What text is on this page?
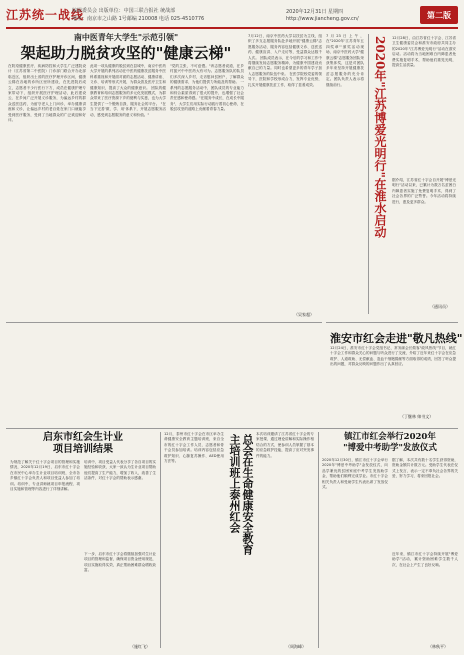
江苏统一战线
编辑委员会 出版单位：中国三联合报社 统战部
地址：南京市之山路 1号邮编 210008 电话 025-4510776
2020年12月31日 星期四
http://www.jiancheng.gov.cn/	第二版
南中医青年大学生"示范引领"
架起助力脱贫攻坚的"健康云梯"
在防疫健康医疗、疾病防控和大学生广泛建院设计（江苏省第二中医院）门诊部门联合开办北部临近区，组织出土省的医疗护理开诊区间，健康云梯在各地的诊所区里所建设，在先进院后成立，志愿者不少行医行下方，成员在健康护理专家带动下，组织开展医疗护理活动，此后建设云、在乡间广泛开展义诊服务，为偏远乡村的群众送医送药，为留守老人上门问诊，举办健康讲座和义诊，让偏远乡村的老百姓在家门口就能享受到医疗服务，受到了当地群众的广泛欢迎和好评。
此项一项从健康的脱贫到在县城中，南京中医药大学开展的系列活动在中医药健康扶贫服务中医科系重视和开展面对面的志愿活动、健康讲座、义诊、培训等形式开展，为群众普及医疗卫生和健康知识，提高了大众的健康意识。 团队的健康教育和培训志愿服务的多元化发展模式，为群众带来了医疗资源下乡的便利与实惠，也为大学生提供了一个锻炼自我、服务社会的平台。 "在当下完善'做、学、用'体系下，开展志愿服务活动，感受到志愿服务的意义和价值。"
"党的主张，不可怠慢。"该志愿者说道，在乡村振兴中中医药大有可为。志愿服务队的队员们多次深入乡村，走访慰问贫困户，了解群众的健康需求，为他们提供力所能及的帮助。 一系列的志愿服务活动中，团队成员的专业能力和综合素质得到了很大的提升，也增强了社会责任感和使命感。"在服务中成长，在成长中服务"，大学生们用实际行动践行着初心使命，在脱贫攻坚的道路上贡献着青春力量。
7月12日，南京中医药大学以扶贫为主线，组织了多支志愿服务队赴多地开展"健康云梯"志愿服务活动，服务内容包括健康义诊、送医送药、健康宣讲、入户走访等，受益群众达数千人次。 团队成员表示，在今后的学习和工作中将继续发扬志愿服务精神，为健康中国建设贡献自己的力量。同时也希望更多的青年学子加入志愿服务的队伍中来。 在医学院校党委的领导下，医院和学校形成合力，发挥专业优势，扎实开展健康扶贫工作，取得了显著成效。
7月23日上午，在"2020年'江苏青年五四奖章'"颁奖活动现场，南京中医药大学"健康云梯"志愿服务团队荣获集体奖，这是对团队多年来坚持开展健康扶贫志愿服务的充分肯定。团队负责人表示将继续前行。
（吴家超）
2020年"江苏博爱光明行"在淮水启动	12月28日，由江苏省红十字会、江苏省卫生健康委员会和淮安市政府共同主办的2020年"江苏博爱光明行"活动在淮安启动。活动将为当地困难白内障患者免费实施复明手术，帮助他们重见光明，提高生活质量。
据介绍，江苏省红十字会自开展"博爱光明行"活动以来，已累计为数万名贫困白内障患者实施了免费复明手术，得到了社会各界的广泛赞誉。今年活动将持续进行，惠及更多群众。
（通讯员）
淮安市红会走进"敬凡热线"
12月24日，淮安市红十字会党组书记、常务副会长做客"政风热线"节目，就红十字会工作和群众关心的问题与听众进行了交流，介绍了近年来红十字会在应急救护、人道救助、无偿献血、造血干细胞捐献等方面取得的成绩，回答了听众提出的问题，对群众反映的问题作出了认真回应。
（丁继林 帅书文）
启东市红会生计业
项目培训结果
为规范了解关于红十字会项目的管理和实施情况，2020年12月19日，启东市红十字会在市民中心举办生计业项目培训班，全市各乡镇红十字会负责人和项目受益人参加了培训。培训中，专业讲师就项目申报流程、项目实施和管理等内容进行了详细讲解。
培训中，项目受益人代表分享了各自项目的实施经验和收获，大家一致认为生计业项目帮助他们提高了生产能力，增加了收入，改善了生活条件，对红十字会的帮助表示感谢。
下一步，启东市红十字会将继续加强对生计业项目的管理和监督，确保项目资金使用规范，项目实施取得实效，真正帮助困难群众增收致富。
（施红飞）
12月，泰州市红十字会在市区举办生命健康安全教育主题培训班，来自全市的红十字会工作人员、志愿者和骨干会员参加培训。培训内容包括应急救护知识、心肺复苏操作、AED使用方法等。	总会在生命健康安全教育
主培训班上泰州红会	本次培训邀请了江苏省红十字会的专家授课，通过理论讲解和实际操作相结合的方式，使参训人员掌握了基本的应急救护技能，提高了应对突发事件的能力。
（周海峰）
镇江市红会举行2020年
"博爱中考助学"发放仪式
2020年12月30日，镇江市红十字会举行2020年"博爱中考助学"金发放仪式，向品学兼优的贫困家庭中考学生发放助学金，帮助他们顺利完成学业。市红十字会相关负责人和受助学生代表出席了发放仪式。
据了解，本次共有数十名学生获得资助，资助金额共计数万元。受助学生代表在仪式上发言，表示一定不辜负社会各界的关爱，努力学习，将来回报社会。
近年来，镇江市红十字会持续开展"博爱助学"活动，累计资助困难学生数千人次，在社会上产生了良好反响。
（林秋平）
